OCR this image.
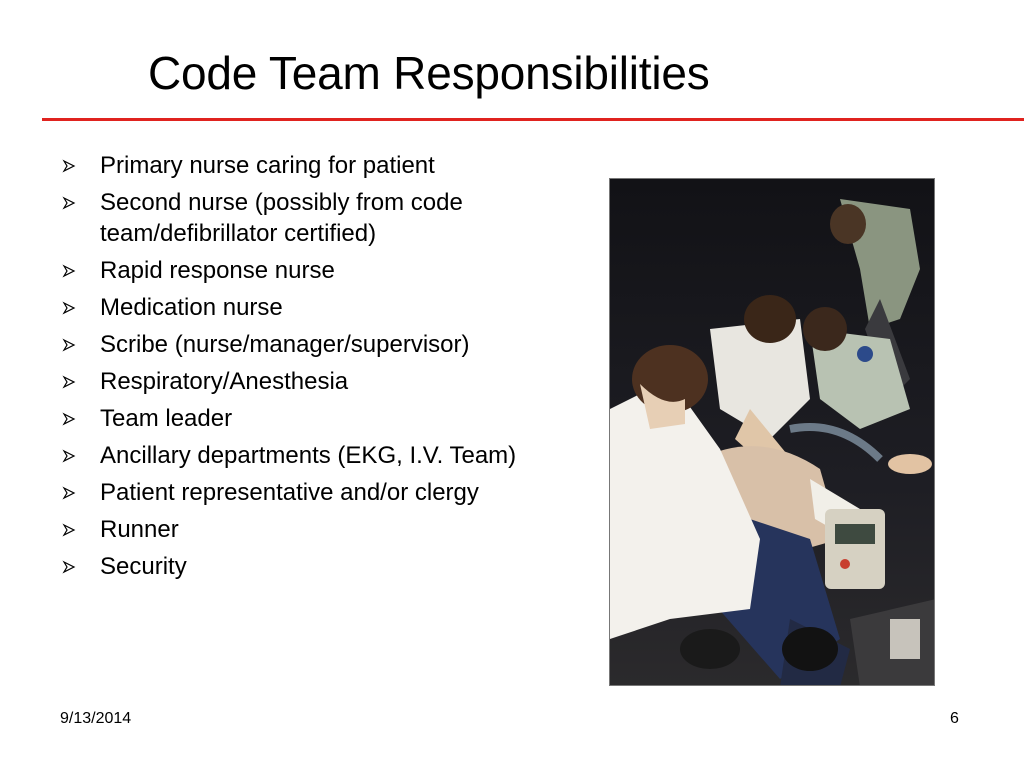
Code Team Responsibilities
Primary nurse caring for patient
Second nurse (possibly from code team/defibrillator certified)
Rapid response nurse
Medication nurse
Scribe (nurse/manager/supervisor)
Respiratory/Anesthesia
Team leader
Ancillary departments (EKG, I.V. Team)
Patient representative and/or clergy
Runner
Security
9/13/2014	6
